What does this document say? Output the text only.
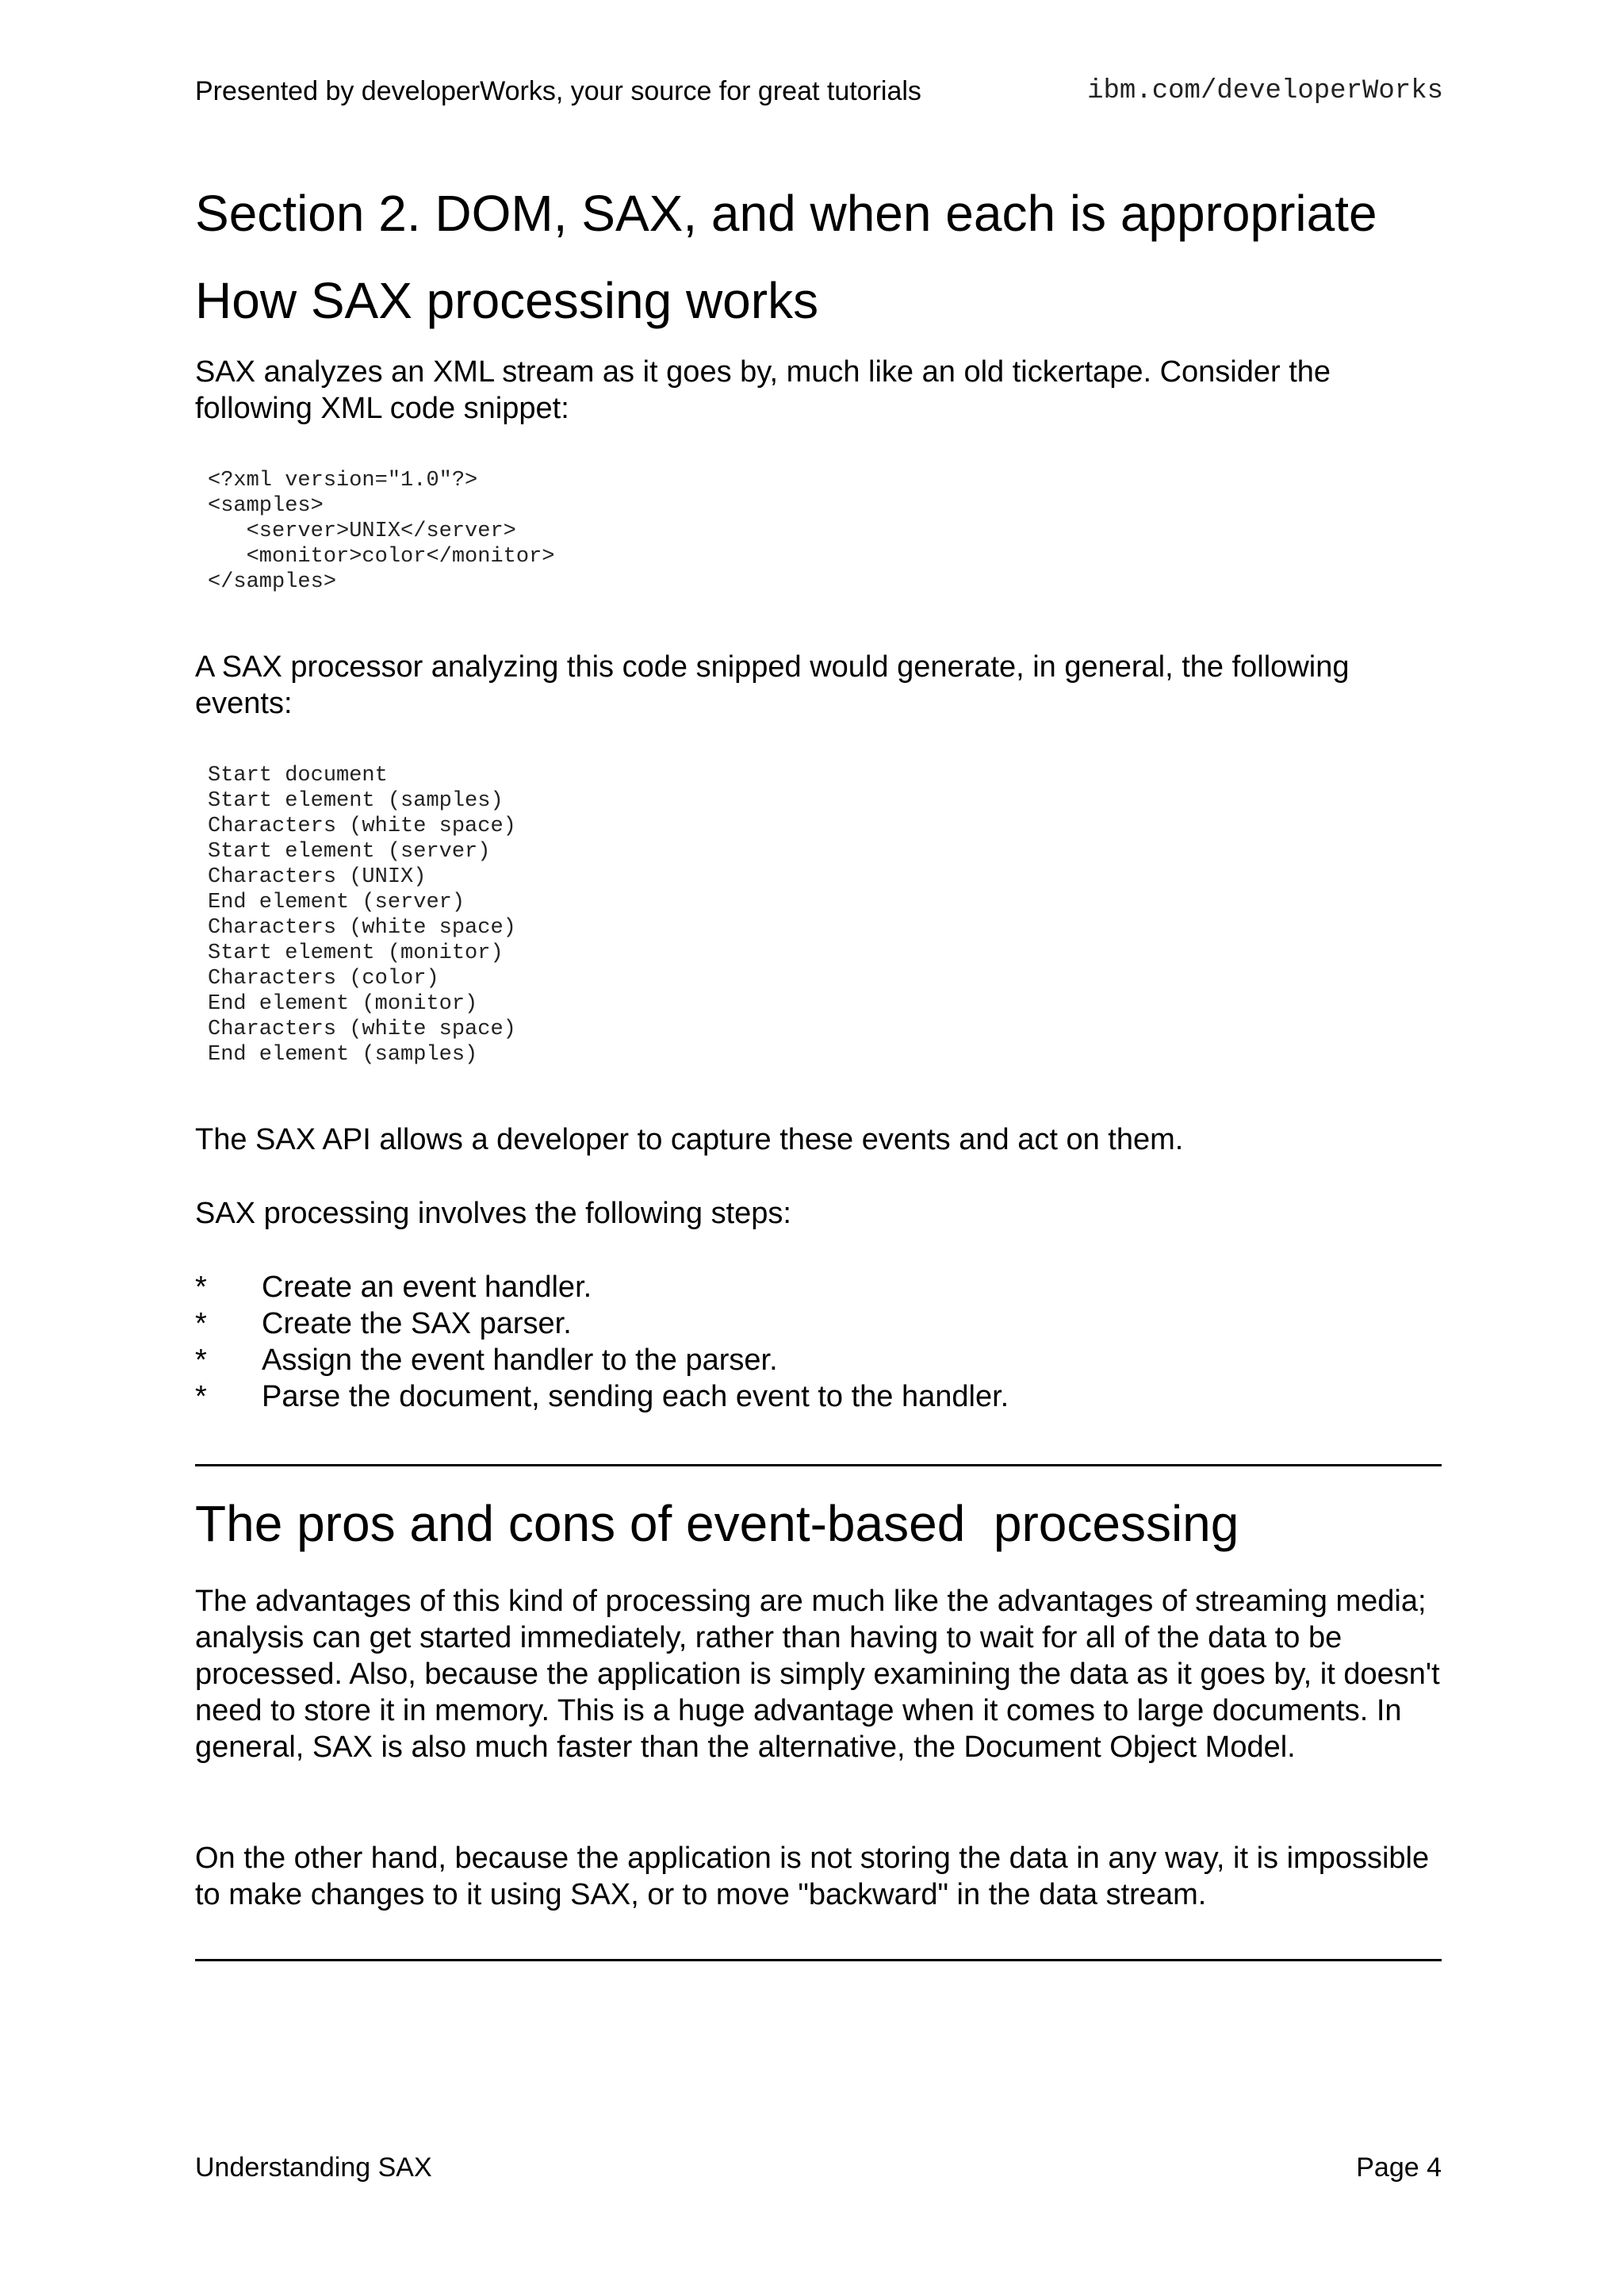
Presented by developerWorks, your source for great tutorials	ibm.com/developerWorks
Section 2. DOM, SAX, and when each is appropriate
How SAX processing works

SAX analyzes an XML stream as it goes by, much like an old tickertape. Consider the following XML code snippet:

<?xml version="1.0"?>
<samples>
<server>UNIX</server>
<monitor>color</monitor>
</samples>

A SAX processor analyzing this code snipped would generate, in general, the following events:

Start document
Start element (samples)
Characters (white space)
Start element (server)
Characters (UNIX)
End element (server)
Characters (white space)
Start element (monitor)
Characters (color)
End element (monitor)
Characters (white space)
End element (samples)

The SAX API allows a developer to capture these events and act on them.

SAX processing involves the following steps:

* Create an event handler.
* Create the SAX parser.
* Assign the event handler to the parser.
* Parse the document, sending each event to the handler.
The pros and cons of event-based  processing

The advantages of this kind of processing are much like the advantages of streaming media; analysis can get started immediately, rather than having to wait for all of the data to be processed. Also, because the application is simply examining the data as it goes by, it doesn't need to store it in memory. This is a huge advantage when it comes to large documents. In general, SAX is also much faster than the alternative, the Document Object Model.

On the other hand, because the application is not storing the data in any way, it is impossible to make changes to it using SAX, or to move "backward" in the data stream.

Understanding SAX	Page 4
